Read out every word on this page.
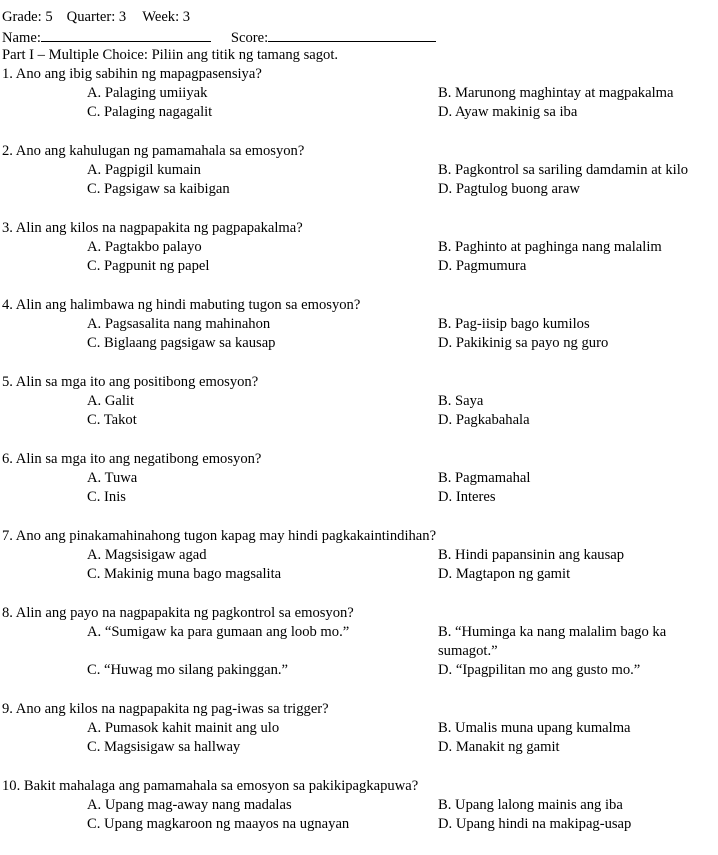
Grade: 5 Quarter: 3 Week: 3
Name:	Score:
Part I – Multiple Choice: Piliin ang titik ng tamang sagot.
1. Ano ang ibig sabihin ng mapagpasensiya?
A. Palaging umiiyak	B. Marunong maghintay at magpakalma
C. Palaging nagagalit	D. Ayaw makinig sa iba
2. Ano ang kahulugan ng pamamahala sa emosyon?
A. Pagpigil kumain	B. Pagkontrol sa sariling damdamin at kilo
C. Pagsigaw sa kaibigan	D. Pagtulog buong araw
3. Alin ang kilos na nagpapakita ng pagpapakalma?
A. Pagtakbo palayo	B. Paghinto at paghinga nang malalim
C. Pagpunit ng papel	D. Pagmumura
4. Alin ang halimbawa ng hindi mabuting tugon sa emosyon?
A. Pagsasalita nang mahinahon	B. Pag-iisip bago kumilos
C. Biglaang pagsigaw sa kausap	D. Pakikinig sa payo ng guro
5. Alin sa mga ito ang positibong emosyon?
A. Galit	B. Saya
C. Takot	D. Pagkabahala
6. Alin sa mga ito ang negatibong emosyon?
A. Tuwa	B. Pagmamahal
C. Inis	D. Interes
7. Ano ang pinakamahinahong tugon kapag may hindi pagkakaintindihan?
A. Magsisigaw agad	B. Hindi papansinin ang kausap
C. Makinig muna bago magsalita	D. Magtapon ng gamit
8. Alin ang payo na nagpapakita ng pagkontrol sa emosyon?
A. “Sumigaw ka para gumaan ang loob mo.”	B. “Huminga ka nang malalim bago ka sumagot.”
C. “Huwag mo silang pakinggan.”	D. “Ipagpilitan mo ang gusto mo.”
9. Ano ang kilos na nagpapakita ng pag-iwas sa trigger?
A. Pumasok kahit mainit ang ulo	B. Umalis muna upang kumalma
C. Magsisigaw sa hallway	D. Manakit ng gamit
10. Bakit mahalaga ang pamamahala sa emosyon sa pakikipagkapuwa?
A. Upang mag-away nang madalas	B. Upang lalong mainis ang iba
C. Upang magkaroon ng maayos na ugnayan	D. Upang hindi na makipag-usap
